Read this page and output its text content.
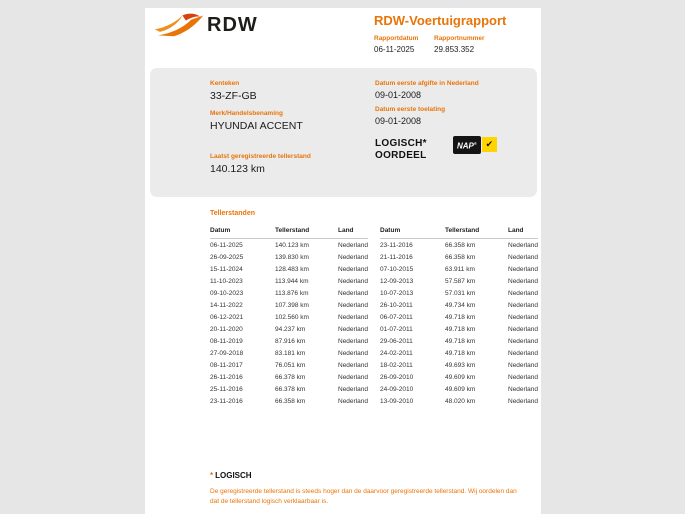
RDW	RDW-Voertuigrapport
Rapportdatum
06-11-2025
Rapportnummer
29.853.352
Kenteken
33-ZF-GB
Merk/Handelsbenaming
HYUNDAI ACCENT
Laatst geregistreerde tellerstand
140.123 km
Datum eerste afgifte in Nederland
09-01-2008
Datum eerste toelating
09-01-2008
LOGISCH*
OORDEEL
NAP® ✔
Tellerstanden
Datum	Tellerstand	Land
06-11-2025	140.123 km	Nederland
26-09-2025	139.830 km	Nederland
15-11-2024	128.483 km	Nederland
11-10-2023	113.944 km	Nederland
09-10-2023	113.876 km	Nederland
14-11-2022	107.398 km	Nederland
06-12-2021	102.560 km	Nederland
20-11-2020	94.237 km	Nederland
08-11-2019	87.916 km	Nederland
27-09-2018	83.181 km	Nederland
08-11-2017	76.051 km	Nederland
26-11-2016	66.378 km	Nederland
25-11-2016	66.378 km	Nederland
23-11-2016	66.358 km	Nederland
Datum	Tellerstand	Land
23-11-2016	66.358 km	Nederland
21-11-2016	66.358 km	Nederland
07-10-2015	63.911 km	Nederland
12-09-2013	57.587 km	Nederland
10-07-2013	57.031 km	Nederland
26-10-2011	49.734 km	Nederland
06-07-2011	49.718 km	Nederland
01-07-2011	49.718 km	Nederland
29-06-2011	49.718 km	Nederland
24-02-2011	49.718 km	Nederland
18-02-2011	49.693 km	Nederland
26-09-2010	49.609 km	Nederland
24-09-2010	49.609 km	Nederland
13-09-2010	48.020 km	Nederland
* LOGISCH
De geregistreerde tellerstand is steeds hoger dan de daarvoor geregistreerde tellerstand. Wij oordelen dan dat de tellerstand logisch verklaarbaar is.
